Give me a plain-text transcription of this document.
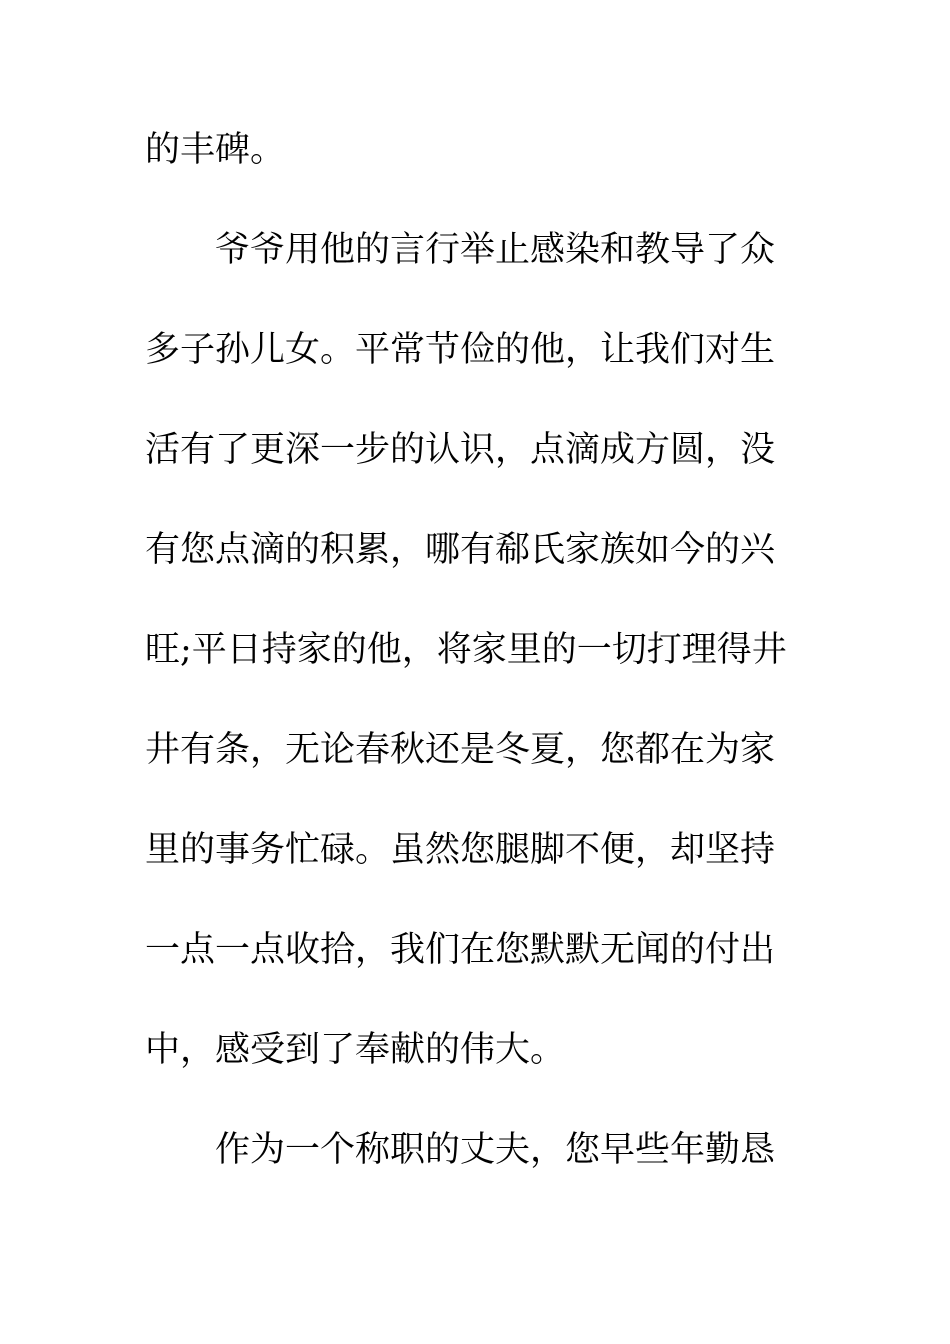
的丰碑。
　　爷爷用他的言行举止感染和教导了众
多子孙儿女。平常节俭的他，让我们对生
活有了更深一步的认识，点滴成方圆，没
有您点滴的积累，哪有郗氏家族如今的兴
旺;平日持家的他，将家里的一切打理得井
井有条，无论春秋还是冬夏，您都在为家
里的事务忙碌。虽然您腿脚不便，却坚持
一点一点收拾，我们在您默默无闻的付出
中，感受到了奉献的伟大。
　　作为一个称职的丈夫，您早些年勤恳
